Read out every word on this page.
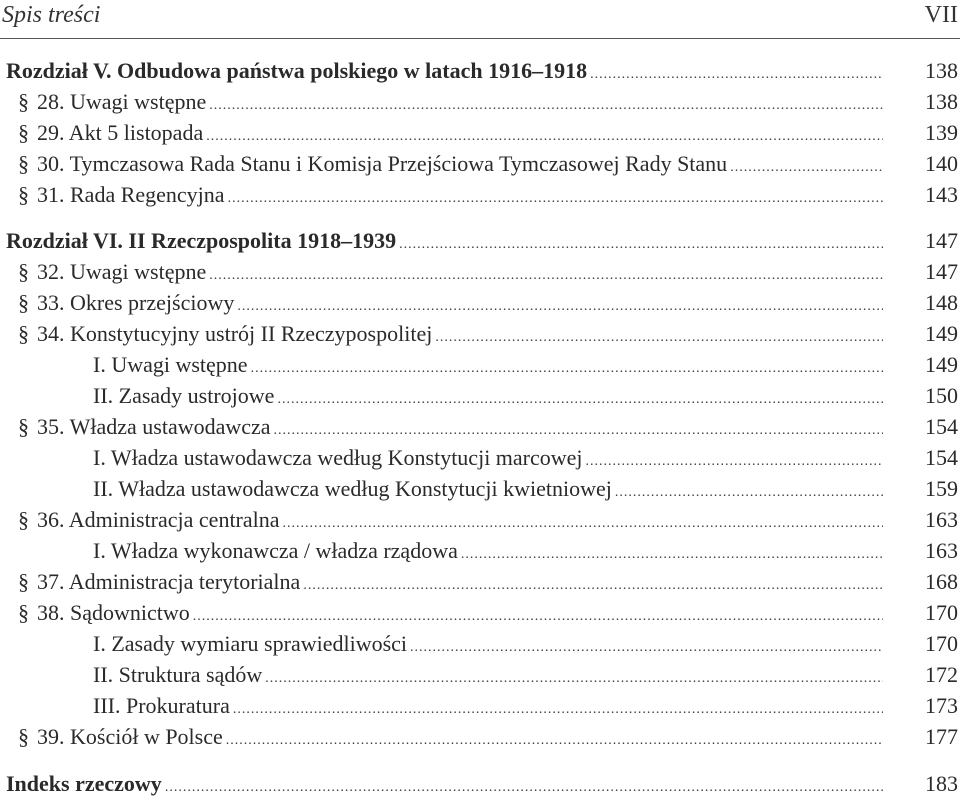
Spis treści	VII
Rozdział V. Odbudowa państwa polskiego w latach 1916–1918 .....	138
§ 28. Uwagi wstępne .....	138
§ 29. Akt 5 listopada .....	139
§ 30. Tymczasowa Rada Stanu i Komisja Przejściowa Tymczasowej Rady Stanu .....	140
§ 31. Rada Regencyjna .....	143
Rozdział VI. II Rzeczpospolita 1918–1939 .....	147
§ 32. Uwagi wstępne .....	147
§ 33. Okres przejściowy .....	148
§ 34. Konstytucyjny ustrój II Rzeczypospolitej .....	149
I. Uwagi wstępne .....	149
II. Zasady ustrojowe .....	150
§ 35. Władza ustawodawcza .....	154
I. Władza ustawodawcza według Konstytucji marcowej .....	154
II. Władza ustawodawcza według Konstytucji kwietniowej .....	159
§ 36. Administracja centralna .....	163
I. Władza wykonawcza / władza rządowa .....	163
§ 37. Administracja terytorialna .....	168
§ 38. Sądownictwo .....	170
I. Zasady wymiaru sprawiedliwości .....	170
II. Struktura sądów .....	172
III. Prokuratura .....	173
§ 39. Kościół w Polsce .....	177
Indeks rzeczowy .....	183
